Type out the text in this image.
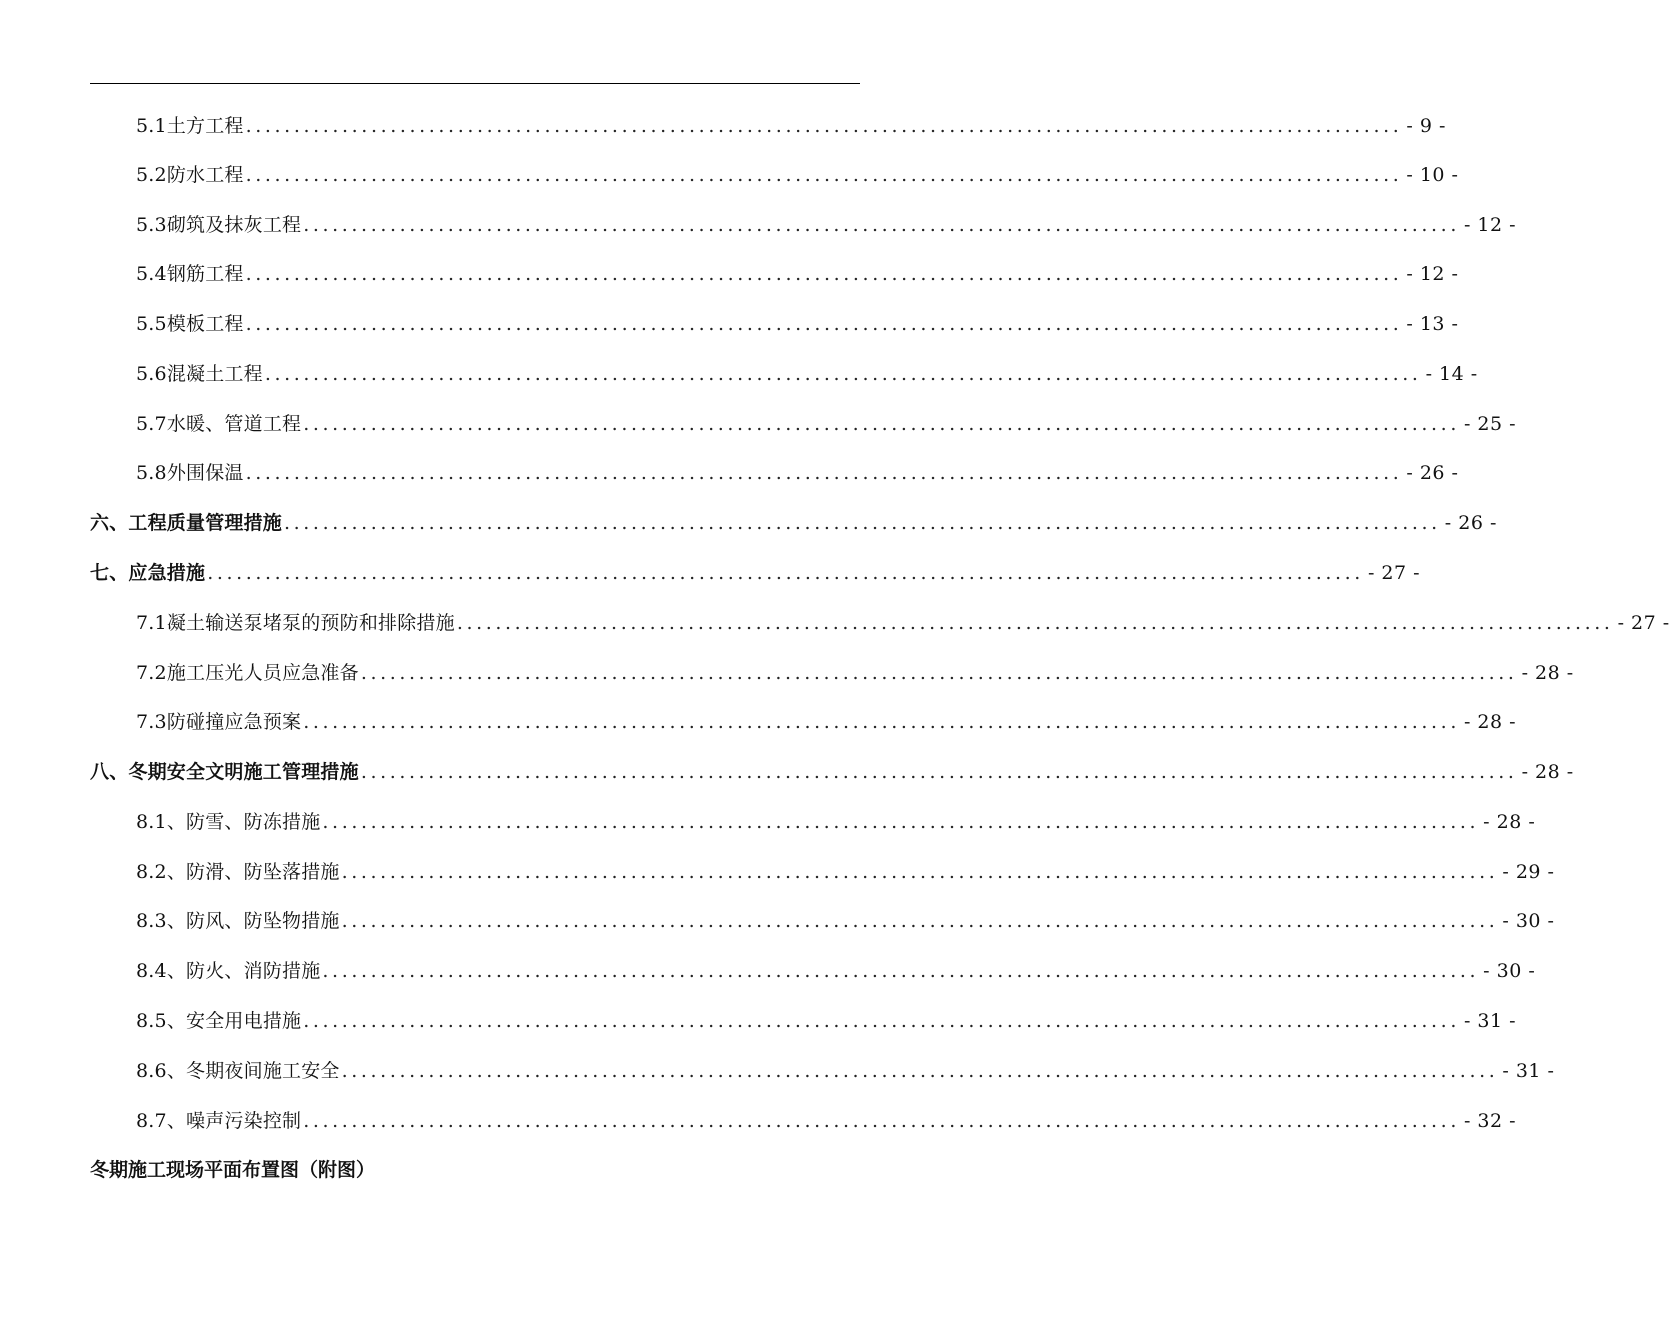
5.1土方工程 ........................................................................................................................ - 9 -
5.2防水工程 ........................................................................................................................ - 10 -
5.3砌筑及抹灰工程 ........................................................................................................................ - 12 -
5.4钢筋工程 ........................................................................................................................ - 12 -
5.5模板工程 ........................................................................................................................ - 13 -
5.6混凝土工程 ........................................................................................................................ - 14 -
5.7水暖、管道工程 ........................................................................................................................ - 25 -
5.8外围保温 ........................................................................................................................ - 26 -
六、工程质量管理措施 ........................................................................................................................ - 26 -
七、应急措施 ........................................................................................................................ - 27 -
7.1凝土输送泵堵泵的预防和排除措施 ........................................................................................................................ - 27 -
7.2施工压光人员应急准备 ........................................................................................................................ - 28 -
7.3防碰撞应急预案 ........................................................................................................................ - 28 -
八、冬期安全文明施工管理措施 ........................................................................................................................ - 28 -
8.1、防雪、防冻措施 ........................................................................................................................ - 28 -
8.2、防滑、防坠落措施 ........................................................................................................................ - 29 -
8.3、防风、防坠物措施 ........................................................................................................................ - 30 -
8.4、防火、消防措施 ........................................................................................................................ - 30 -
8.5、安全用电措施 ........................................................................................................................ - 31 -
8.6、冬期夜间施工安全 ........................................................................................................................ - 31 -
8.7、噪声污染控制 ........................................................................................................................ - 32 -
冬期施工现场平面布置图（附图）
